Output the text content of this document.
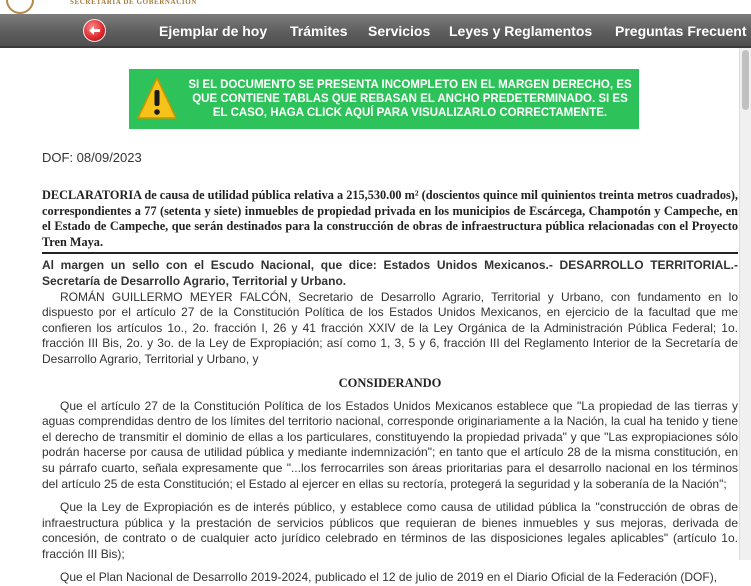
SECRETARIA DE GOBERNACION
Ejemplar de hoy Trámites Servicios Leyes y Reglamentos Preguntas Frecuent
SI EL DOCUMENTO SE PRESENTA INCOMPLETO EN EL MARGEN DERECHO, ES QUE CONTIENE TABLAS QUE REBASAN EL ANCHO PREDETERMINADO. SI ES EL CASO, HAGA CLICK AQUÍ PARA VISUALIZARLO CORRECTAMENTE.

DOF: 08/09/2023

DECLARATORIA de causa de utilidad pública relativa a 215,530.00 m² (doscientos quince mil quinientos treinta metros cuadrados), correspondientes a 77 (setenta y siete) inmuebles de propiedad privada en los municipios de Escárcega, Champotón y Campeche, en el Estado de Campeche, que serán destinados para la construcción de obras de infraestructura pública relacionadas con el Proyecto Tren Maya.

Al margen un sello con el Escudo Nacional, que dice: Estados Unidos Mexicanos.- DESARROLLO TERRITORIAL.- Secretaría de Desarrollo Agrario, Territorial y Urbano.

ROMÁN GUILLERMO MEYER FALCÓN, Secretario de Desarrollo Agrario, Territorial y Urbano, con fundamento en lo dispuesto por el artículo 27 de la Constitución Política de los Estados Unidos Mexicanos, en ejercicio de la facultad que me confieren los artículos 1o., 2o. fracción I, 26 y 41 fracción XXIV de la Ley Orgánica de la Administración Pública Federal; 1o. fracción III Bis, 2o. y 3o. de la Ley de Expropiación; así como 1, 3, 5 y 6, fracción III del Reglamento Interior de la Secretaría de Desarrollo Agrario, Territorial y Urbano, y

CONSIDERANDO

Que el artículo 27 de la Constitución Política de los Estados Unidos Mexicanos establece que "La propiedad de las tierras y aguas comprendidas dentro de los límites del territorio nacional, corresponde originariamente a la Nación, la cual ha tenido y tiene el derecho de transmitir el dominio de ellas a los particulares, constituyendo la propiedad privada" y que "Las expropiaciones sólo podrán hacerse por causa de utilidad pública y mediante indemnización"; en tanto que el artículo 28 de la misma constitución, en su párrafo cuarto, señala expresamente que "...los ferrocarriles son áreas prioritarias para el desarrollo nacional en los términos del artículo 25 de esta Constitución; el Estado al ejercer en ellas su rectoría, protegerá la seguridad y la soberanía de la Nación";

Que la Ley de Expropiación es de interés público, y establece como causa de utilidad pública la "construcción de obras de infraestructura pública y la prestación de servicios públicos que requieran de bienes inmuebles y sus mejoras, derivada de concesión, de contrato o de cualquier acto jurídico celebrado en términos de las disposiciones legales aplicables" (artículo 1o. fracción III Bis);

Que el Plan Nacional de Desarrollo 2019-2024, publicado el 12 de julio de 2019 en el Diario Oficial de la Federación (DOF),
